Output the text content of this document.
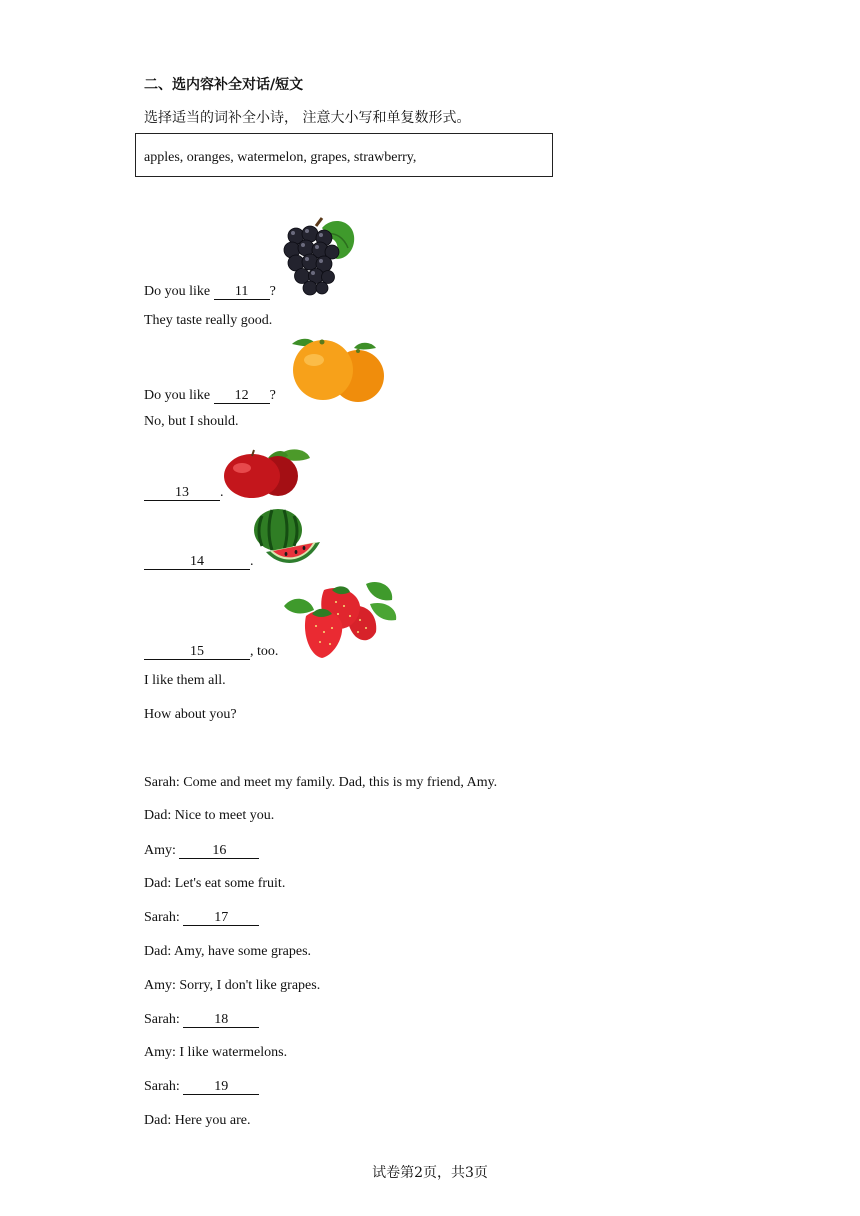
二、选内容补全对话/短文
选择适当的词补全小诗， 注意大小写和单复数形式。
apples, oranges, watermelon, grapes, strawberry,
Do you like 11 ?
They taste really good.
Do you like 12 ?
No, but I should.
13 .
14	.
15	, too.
I like them all.
How about you?
Sarah: Come and meet my family. Dad, this is my friend, Amy.
Dad: Nice to meet you.
Amy: 16
Dad: Let's eat some fruit.
Sarah: 17
Dad: Amy, have some grapes.
Amy: Sorry, I don't like grapes.
Sarah: 18
Amy: I like watermelons.
Sarah: 19
Dad: Here you are.
试卷第2页，共3页
